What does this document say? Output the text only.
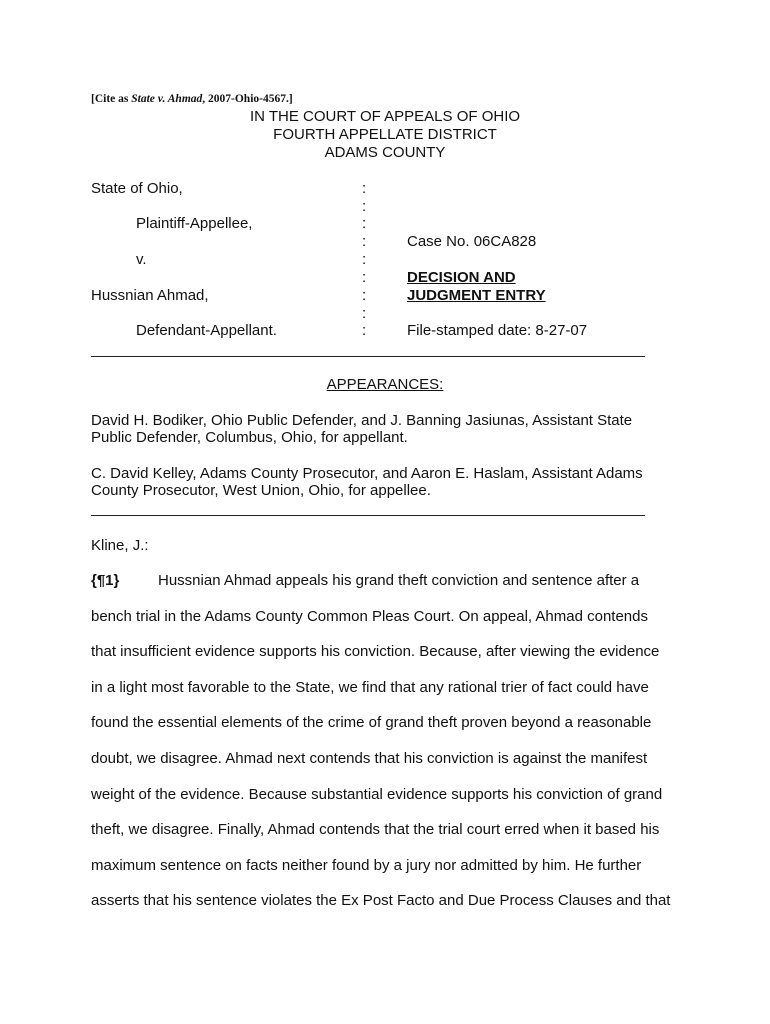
[Cite as State v. Ahmad, 2007-Ohio-4567.]
IN THE COURT OF APPEALS OF OHIO
FOURTH APPELLATE DISTRICT
ADAMS COUNTY
State of Ohio,
Plaintiff-Appellee,
v.
Hussnian Ahmad,
Defendant-Appellant.
:
:
:
:
:
:
:
:
:
Case No. 06CA828
DECISION AND
JUDGMENT ENTRY
File-stamped date: 8-27-07
APPEARANCES:
David H. Bodiker, Ohio Public Defender, and J. Banning Jasiunas, Assistant State
Public Defender, Columbus, Ohio, for appellant.
C. David Kelley, Adams County Prosecutor, and Aaron E. Haslam, Assistant Adams
County Prosecutor, West Union, Ohio, for appellee.
Kline, J.:
{¶1}	Hussnian Ahmad appeals his grand theft conviction and sentence after a
bench trial in the Adams County Common Pleas Court. On appeal, Ahmad contends
that insufficient evidence supports his conviction. Because, after viewing the evidence
in a light most favorable to the State, we find that any rational trier of fact could have
found the essential elements of the crime of grand theft proven beyond a reasonable
doubt, we disagree. Ahmad next contends that his conviction is against the manifest
weight of the evidence. Because substantial evidence supports his conviction of grand
theft, we disagree. Finally, Ahmad contends that the trial court erred when it based his
maximum sentence on facts neither found by a jury nor admitted by him. He further
asserts that his sentence violates the Ex Post Facto and Due Process Clauses and that
